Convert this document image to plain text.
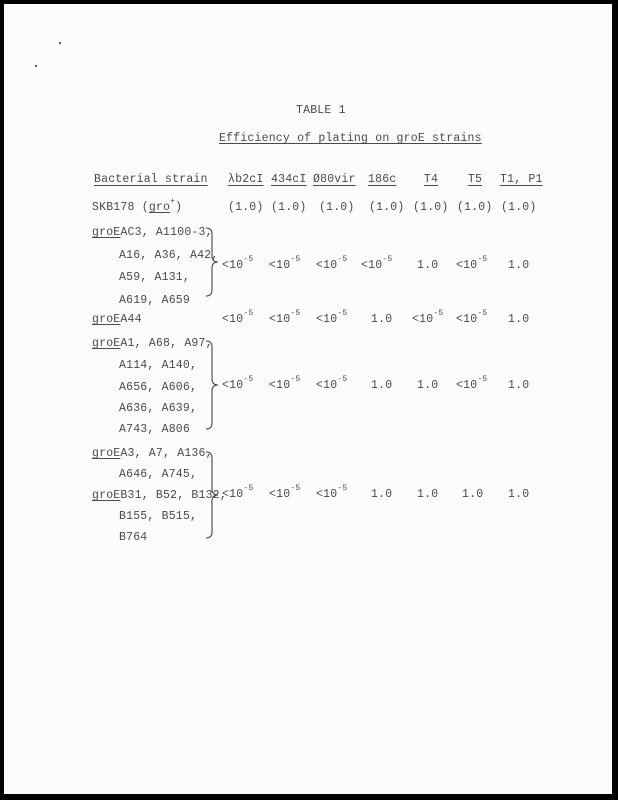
TABLE 1
Efficiency of plating on groE strains
Bacterial strain λb2cI 434cI Ø80vir 186c	T4	T5	T1, P1
SKB178 (gro+)	(1.0) (1.0) (1.0) (1.0) (1.0) (1.0) (1.0)
groEAC3, A1100-3,
A16, A36, A42,
A59, A131,
A619, A659
$<10^{-5} <10^{-5} <10^{-5} <10^{-5}$ $1.0 <10^{-5}$ 1.0
groEA44	$<10^{-5} <10^{-5} <10^{-5}$ $1.0 <10^{-5} <10^{-5}$ 1.0
groEA1, A68, A97,
A114, A140,
A656, A606,
A636, A639,
A743, A806
$<10^{-5} <10^{-5} <10^{-5}$ 1.0 $1.0 <10^{-5}$ 1.0
groEA3, A7, A136,
A646, A745,
groEB31, B52, B132,
B155, B515,
B764
$<10^{-5} <10^{-5} <10^{-5}$ 1.0 1.0 1.0 1.0
